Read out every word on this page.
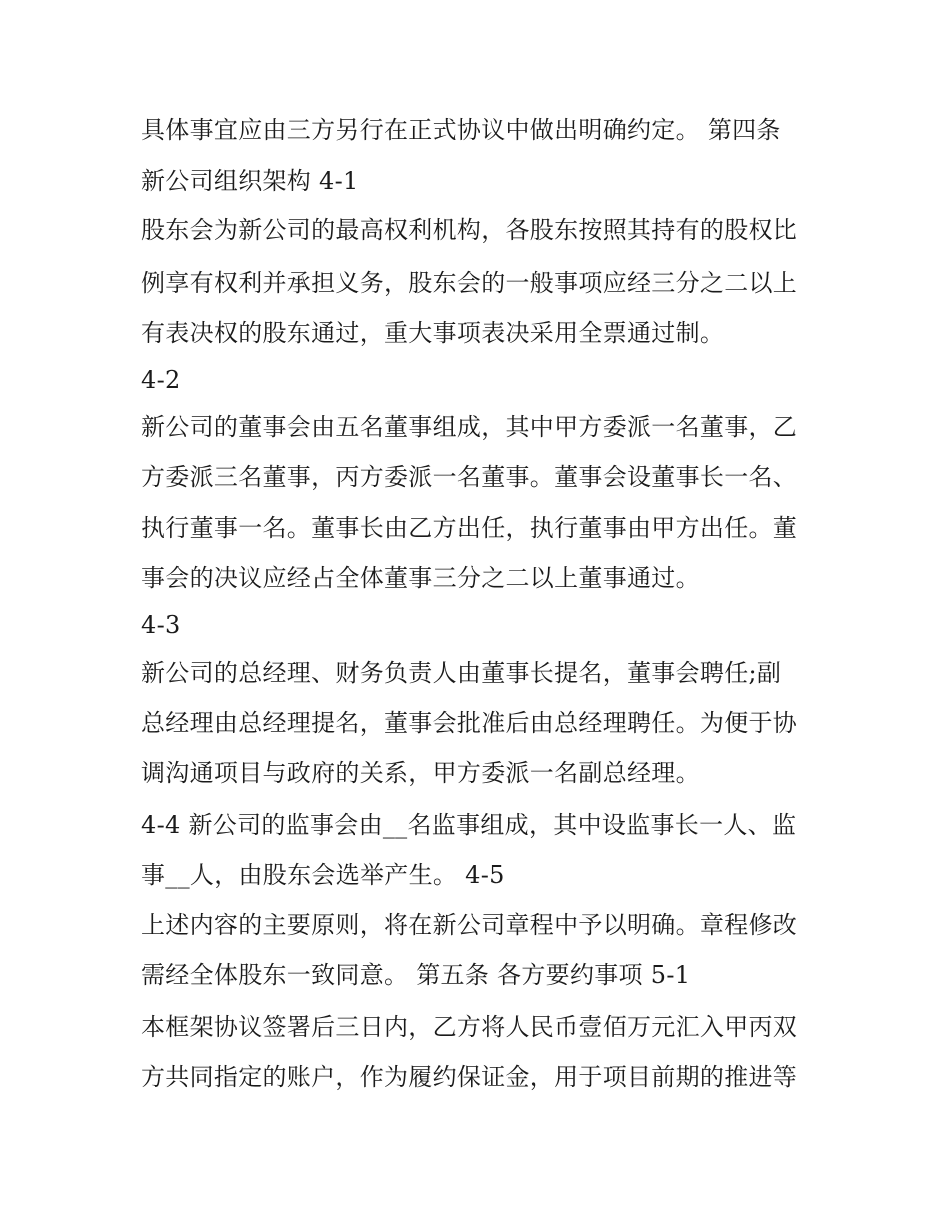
具体事宜应由三方另行在正式协议中做出明确约定。 第四条
新公司组织架构 4-1
股东会为新公司的最高权利机构，各股东按照其持有的股权比
例享有权利并承担义务，股东会的一般事项应经三分之二以上
有表决权的股东通过，重大事项表决采用全票通过制。
4-2
新公司的董事会由五名董事组成，其中甲方委派一名董事，乙
方委派三名董事，丙方委派一名董事。董事会设董事长一名、
执行董事一名。董事长由乙方出任，执行董事由甲方出任。董
事会的决议应经占全体董事三分之二以上董事通过。
4-3
新公司的总经理、财务负责人由董事长提名，董事会聘任;副
总经理由总经理提名，董事会批准后由总经理聘任。为便于协
调沟通项目与政府的关系，甲方委派一名副总经理。
4-4 新公司的监事会由__名监事组成，其中设监事长一人、监
事__人，由股东会选举产生。 4-5
上述内容的主要原则，将在新公司章程中予以明确。章程修改
需经全体股东一致同意。 第五条 各方要约事项 5-1
本框架协议签署后三日内，乙方将人民币壹佰万元汇入甲丙双
方共同指定的账户，作为履约保证金，用于项目前期的推进等
